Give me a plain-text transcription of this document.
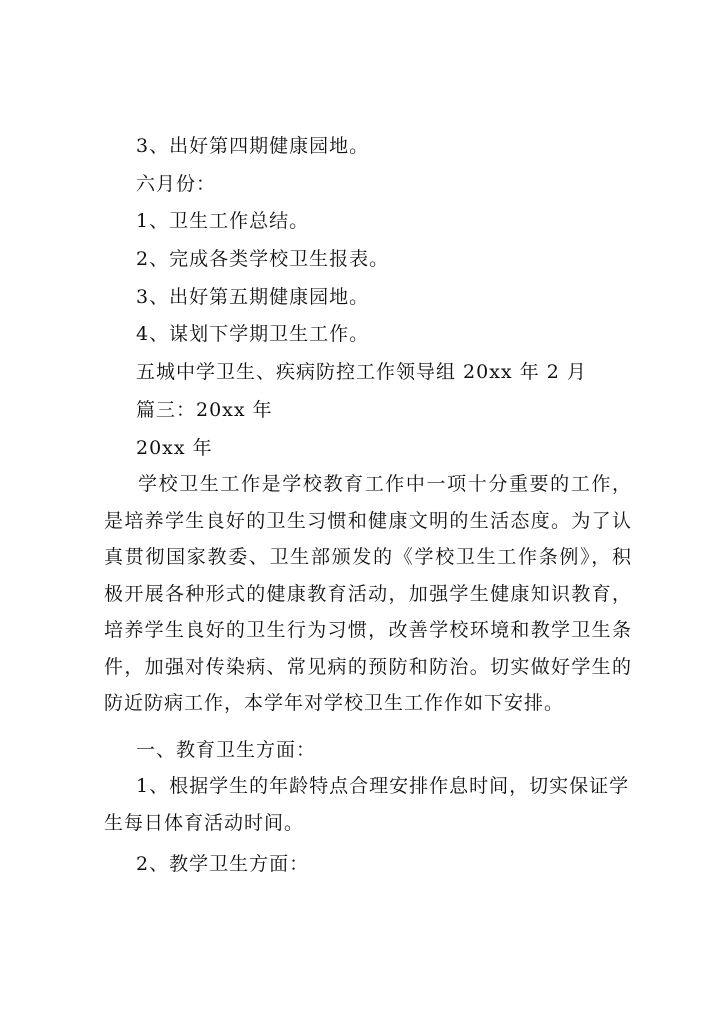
3、出好第四期健康园地。
六月份：
1、卫生工作总结。
2、完成各类学校卫生报表。
3、出好第五期健康园地。
4、谋划下学期卫生工作。
五城中学卫生、疾病防控工作领导组 20xx 年 2 月
篇三：20xx 年
20xx 年
学校卫生工作是学校教育工作中一项十分重要的工作，是培养学生良好的卫生习惯和健康文明的生活态度。为了认真贯彻国家教委、卫生部颁发的《学校卫生工作条例》，积极开展各种形式的健康教育活动，加强学生健康知识教育，培养学生良好的卫生行为习惯，改善学校环境和教学卫生条件，加强对传染病、常见病的预防和防治。切实做好学生的防近防病工作，本学年对学校卫生工作作如下安排。
一、教育卫生方面：
1、根据学生的年龄特点合理安排作息时间，切实保证学生每日体育活动时间。
2、教学卫生方面：
